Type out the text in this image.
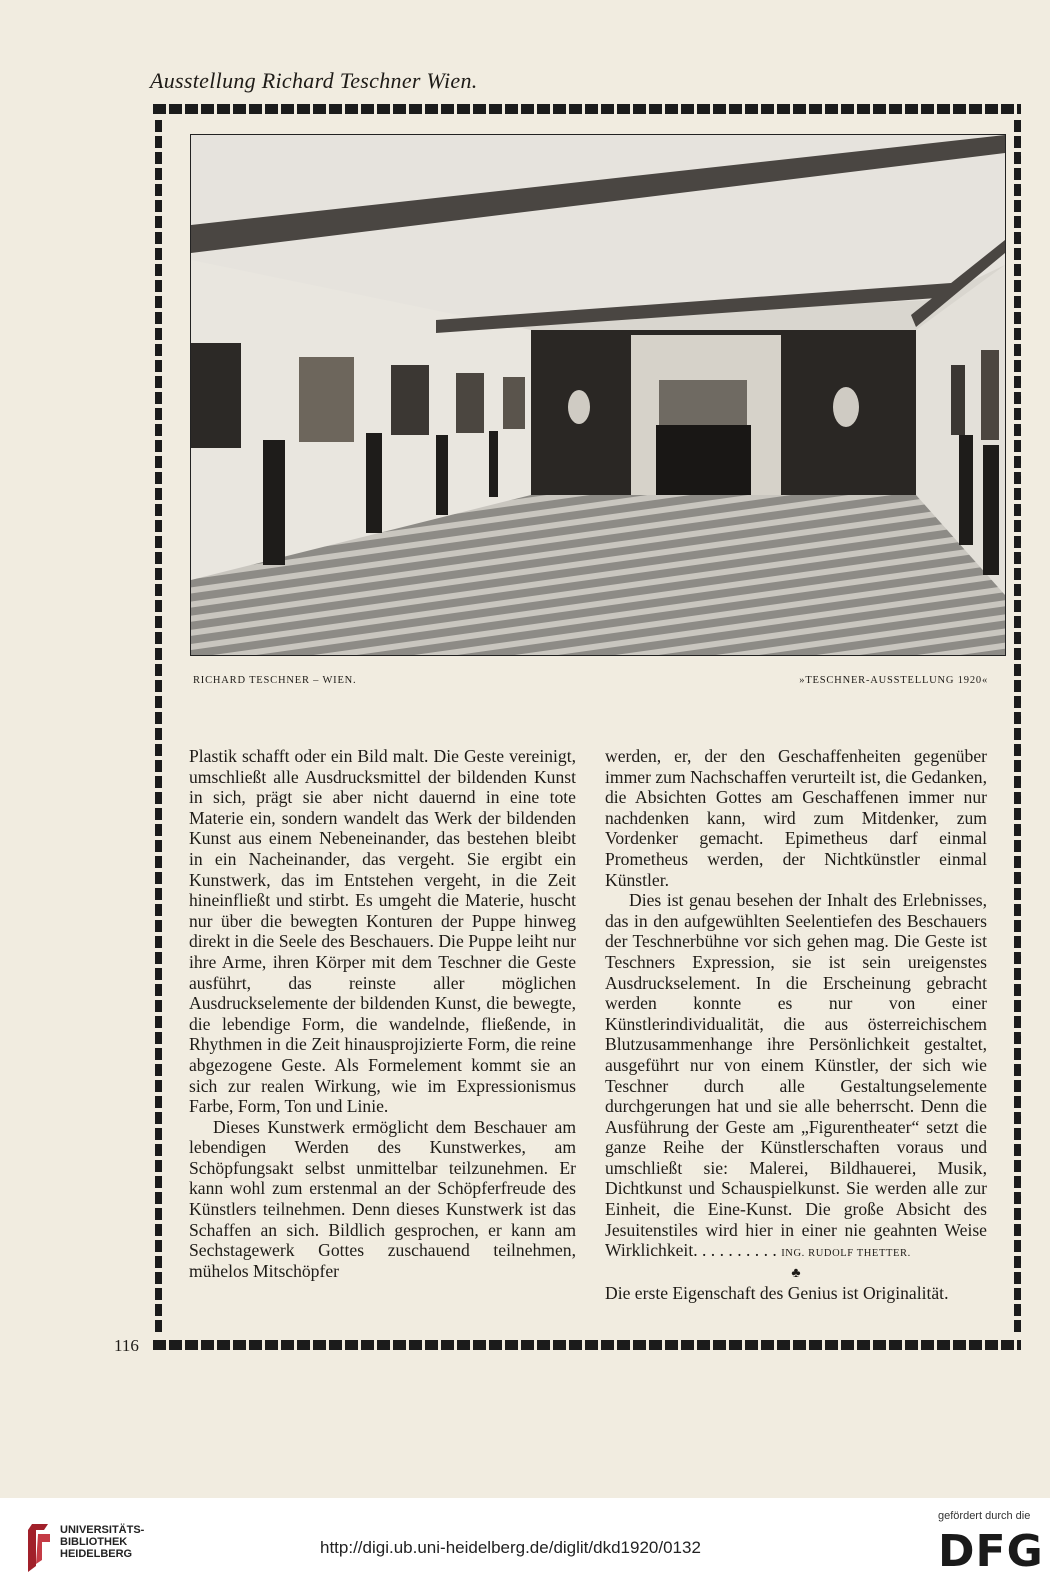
Ausstellung Richard Teschner Wien.
RICHARD TESCHNER – WIEN.	»TESCHNER-AUSSTELLUNG 1920«

Plastik schafft oder ein Bild malt. Die Geste vereinigt, umschließt alle Ausdrucksmittel der bildenden Kunst in sich, prägt sie aber nicht dauernd in eine tote Materie ein, sondern wandelt das Werk der bildenden Kunst aus einem Nebeneinander, das bestehen bleibt in ein Nacheinander, das vergeht. Sie ergibt ein Kunstwerk, das im Entstehen vergeht, in die Zeit hineinfließt und stirbt. Es umgeht die Materie, huscht nur über die bewegten Konturen der Puppe hinweg direkt in die Seele des Beschauers. Die Puppe leiht nur ihre Arme, ihren Körper mit dem Teschner die Geste ausführt, das reinste aller möglichen Ausdruckselemente der bildenden Kunst, die bewegte, die lebendige Form, die wandelnde, fließende, in Rhythmen in die Zeit hinausprojizierte Form, die reine abgezogene Geste. Als Formelement kommt sie an sich zur realen Wirkung, wie im Expressionismus Farbe, Form, Ton und Linie.

Dieses Kunstwerk ermöglicht dem Beschauer am lebendigen Werden des Kunstwerkes, am Schöpfungsakt selbst unmittelbar teilzunehmen. Er kann wohl zum erstenmal an der Schöpferfreude des Künstlers teilnehmen. Denn dieses Kunstwerk ist das Schaffen an sich. Bildlich gesprochen, er kann am Sechstagewerk Gottes zuschauend teilnehmen, mühelos Mitschöpfer

werden, er, der den Geschaffenheiten gegenüber immer zum Nachschaffen verurteilt ist, die Gedanken, die Absichten Gottes am Geschaffenen immer nur nachdenken kann, wird zum Mitdenker, zum Vordenker gemacht. Epimetheus darf einmal Prometheus werden, der Nichtkünstler einmal Künstler.

Dies ist genau besehen der Inhalt des Erlebnisses, das in den aufgewühlten Seelentiefen des Beschauers der Teschnerbühne vor sich gehen mag. Die Geste ist Teschners Expression, sie ist sein ureigenstes Ausdruckselement. In die Erscheinung gebracht werden konnte es nur von einer Künstlerindividualität, die aus österreichischem Blutzusammenhange ihre Persönlichkeit gestaltet, ausgeführt nur von einem Künstler, der sich wie Teschner durch alle Gestaltungselemente durchgerungen hat und sie alle beherrscht. Denn die Ausführung der Geste am „Figurentheater“ setzt die ganze Reihe der Künstlerschaften voraus und umschließt sie: Malerei, Bildhauerei, Musik, Dichtkunst und Schauspielkunst. Sie werden alle zur Einheit, die Eine-Kunst. Die große Absicht des Jesuitenstiles wird hier in einer nie geahnten Weise Wirklichkeit. . . . . . . . . . ING. RUDOLF THETTER.

♣

Die erste Eigenschaft des Genius ist Originalität.

116
UNIVERSITÄTS-
BIBLIOTHEK
HEIDELBERG	http://digi.ub.uni-heidelberg.de/diglit/dkd1920/0132
gefördert durch die
DFG
